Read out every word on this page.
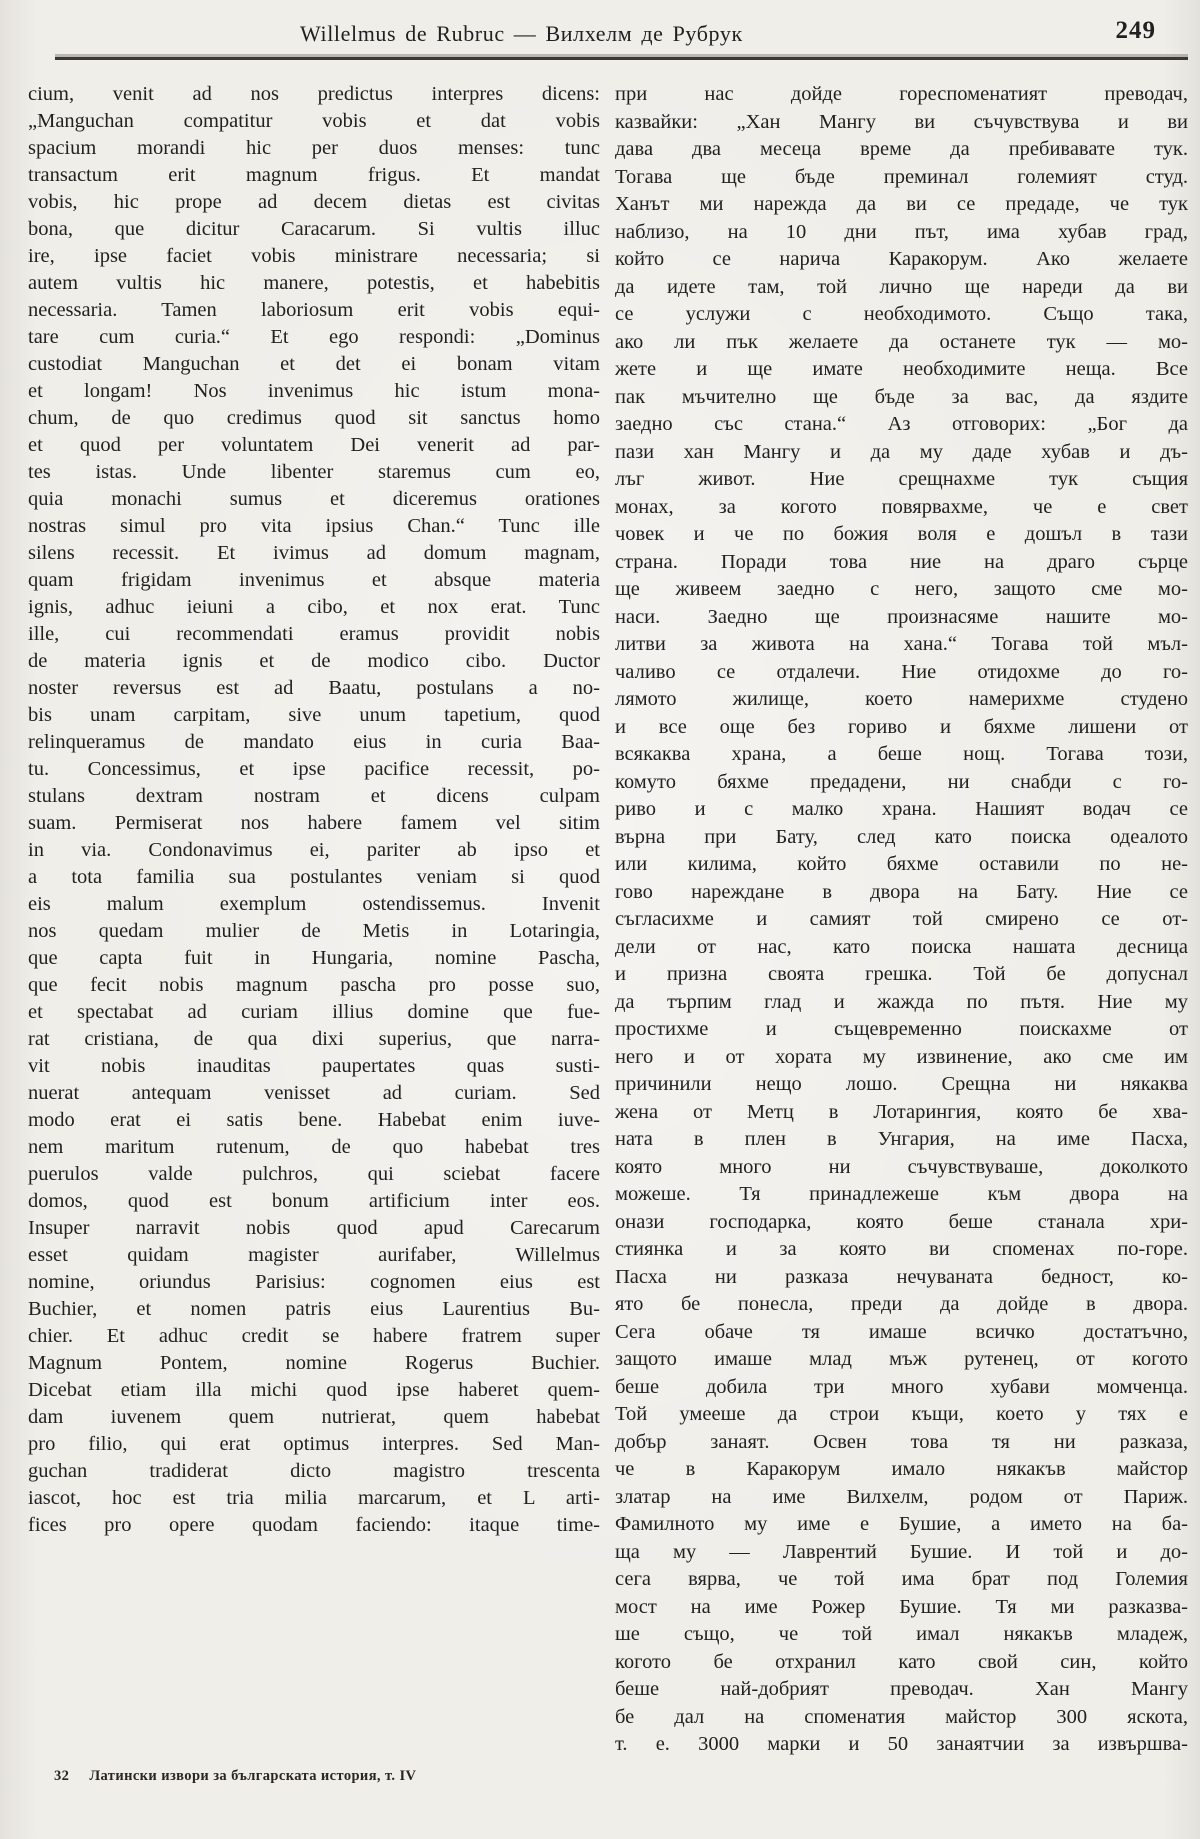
Willelmus de Rubruc — Вилхелм де Рубрук	249
cium, venit ad nos predictus interpres dicens:
„Manguchan compatitur vobis et dat vobis
spacium morandi hic per duos menses: tunc
transactum erit magnum frigus. Et mandat
vobis, hic prope ad decem dietas est civitas
bona, que dicitur Caracarum. Si vultis illuc
ire, ipse faciet vobis ministrare necessaria; si
autem vultis hic manere, potestis, et habebitis
necessaria. Tamen laboriosum erit vobis equi-
tare cum curia.“ Et ego respondi: „Dominus
custodiat Manguchan et det ei bonam vitam
et longam! Nos invenimus hic istum mona-
chum, de quo credimus quod sit sanctus homo
et quod per voluntatem Dei venerit ad par-
tes istas. Unde libenter staremus cum eo,
quia monachi sumus et diceremus orationes
nostras simul pro vita ipsius Chan.“ Tunc ille
silens recessit. Et ivimus ad domum magnam,
quam frigidam invenimus et absque materia
ignis, adhuc ieiuni a cibo, et nox erat. Tunc
ille, cui recommendati eramus providit nobis
de materia ignis et de modico cibo. Ductor
noster reversus est ad Baatu, postulans a no-
bis unam carpitam, sive unum tapetium, quod
relinqueramus de mandato eius in curia Baa-
tu. Concessimus, et ipse pacifice recessit, po-
stulans dextram nostram et dicens culpam
suam. Permiserat nos habere famem vel sitim
in via. Condonavimus ei, pariter ab ipso et
a tota familia sua postulantes veniam si quod
eis malum exemplum ostendissemus. Invenit
nos quedam mulier de Metis in Lotaringia,
que capta fuit in Hungaria, nomine Pascha,
que fecit nobis magnum pascha pro posse suo,
et spectabat ad curiam illius domine que fue-
rat cristiana, de qua dixi superius, que narra-
vit nobis inauditas paupertates quas susti-
nuerat antequam venisset ad curiam. Sed
modo erat ei satis bene. Habebat enim iuve-
nem maritum rutenum, de quo habebat tres
puerulos valde pulchros, qui sciebat facere
domos, quod est bonum artificium inter eos.
Insuper narravit nobis quod apud Carecarum
esset quidam magister aurifaber, Willelmus
nomine, oriundus Parisius: cognomen eius est
Buchier, et nomen patris eius Laurentius Bu-
chier. Et adhuc credit se habere fratrem super
Magnum Pontem, nomine Rogerus Buchier.
Dicebat etiam illa michi quod ipse haberet quem-
dam iuvenem quem nutrierat, quem habebat
pro filio, qui erat optimus interpres. Sed Man-
guchan tradiderat dicto magistro trescenta
iascot, hoc est tria milia marcarum, et L arti-
fices pro opere quodam faciendo: itaque time-
при нас дойде гореспоменатият преводач,
казвайки: „Хан Мангу ви съчувствува и ви
дава два месеца време да пребивавате тук.
Тогава ще бъде преминал големият студ.
Ханът ми нарежда да ви се предаде, че тук
наблизо, на 10 дни път, има хубав град,
който се нарича Каракорум. Ако желаете
да идете там, той лично ще нареди да ви
се услужи с необходимото. Също така,
ако ли пък желаете да останете тук — мо-
жете и ще имате необходимите неща. Все
пак мъчително ще бъде за вас, да яздите
заедно със стана.“ Аз отговорих: „Бог да
пази хан Мангу и да му даде хубав и дъ-
лъг живот. Ние срещнахме тук същия
монах, за когото повярвахме, че е свет
човек и че по божия воля е дошъл в тази
страна. Поради това ние на драго сърце
ще живеем заедно с него, защото сме мо-
наси. Заедно ще произнасяме нашите мо-
литви за живота на хана.“ Тогава той мъл-
чаливо се отдалечи. Ние отидохме до го-
лямото жилище, което намерихме студено
и все още без гориво и бяхме лишени от
всякаква храна, а беше нощ. Тогава този,
комуто бяхме предадени, ни снабди с го-
риво и с малко храна. Нашият водач се
върна при Бату, след като поиска одеалото
или килима, който бяхме оставили по не-
гово нареждане в двора на Бату. Ние се
съгласихме и самият той смирено се от-
дели от нас, като поиска нашата десница
и призна своята грешка. Той бе допуснал
да търпим глад и жажда по пътя. Ние му
простихме и същевременно поискахме от
него и от хората му извинение, ако сме им
причинили нещо лошо. Срещна ни някаква
жена от Метц в Лотарингия, която бе хва-
ната в плен в Унгария, на име Пасха,
която много ни съчувствуваше, доколкото
можеше. Тя принадлежеше към двора на
онази господарка, която беше станала хри-
стиянка и за която ви споменах по-горе.
Пасха ни разказа нечуваната бедност, ко-
ято бе понесла, преди да дойде в двора.
Сега обаче тя имаше всичко достатъчно,
защото имаше млад мъж рутенец, от когото
беше добила три много хубави момченца.
Той умееше да строи къщи, което у тях е
добър занаят. Освен това тя ни разказа,
че в Каракорум имало някакъв майстор
златар на име Вилхелм, родом от Париж.
Фамилното му име е Бушие, а името на ба-
ща му — Лаврентий Бушие. И той и до-
сега вярва, че той има брат под Големия
мост на име Рожер Бушие. Тя ми разказва-
ше също, че той имал някакъв младеж,
когото бе отхранил като свой син, който
беше най-добрият преводач. Хан Мангу
бе дал на споменатия майстор 300 яскота,
т. е. 3000 марки и 50 занаятчии за извършва-
32 Латински извори за българската история, т. IV
